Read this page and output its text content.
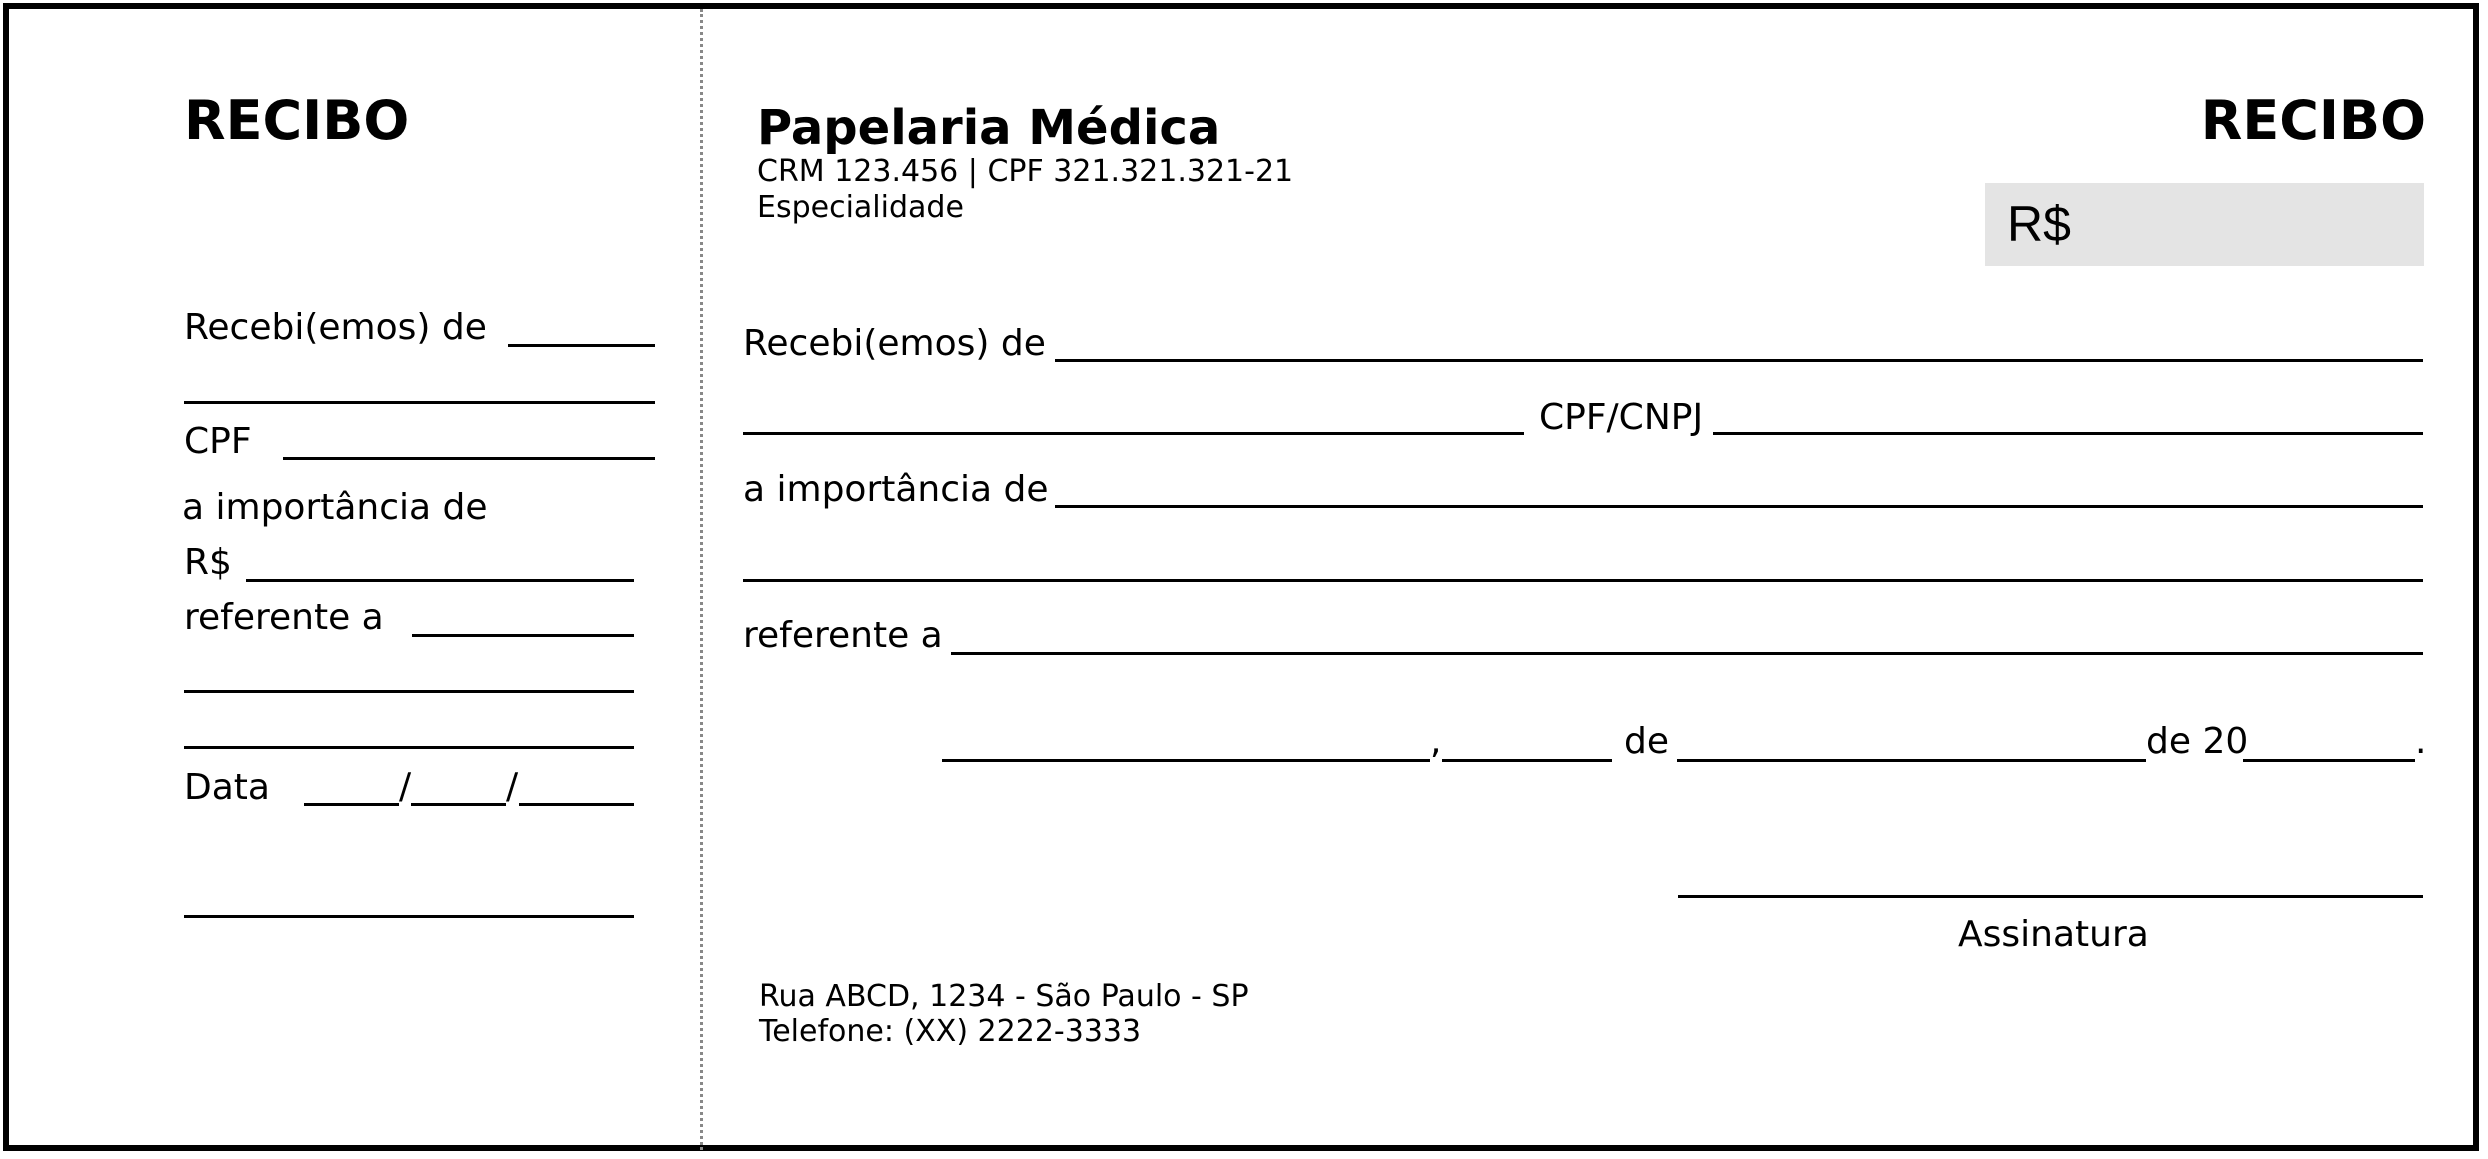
RECIBO
Recebi(emos) de
CPF
a importância de
R$
referente a
Data	/	/
Papelaria Médica
CRM 123.456 | CPF 321.321.321-21
Especialidade
RECIBO
R$
Recebi(emos) de
CPF/CNPJ
a importância de
referente a
,	de	de 20	.
Assinatura
Rua ABCD, 1234 - São Paulo - SP
Telefone: (XX) 2222-3333
